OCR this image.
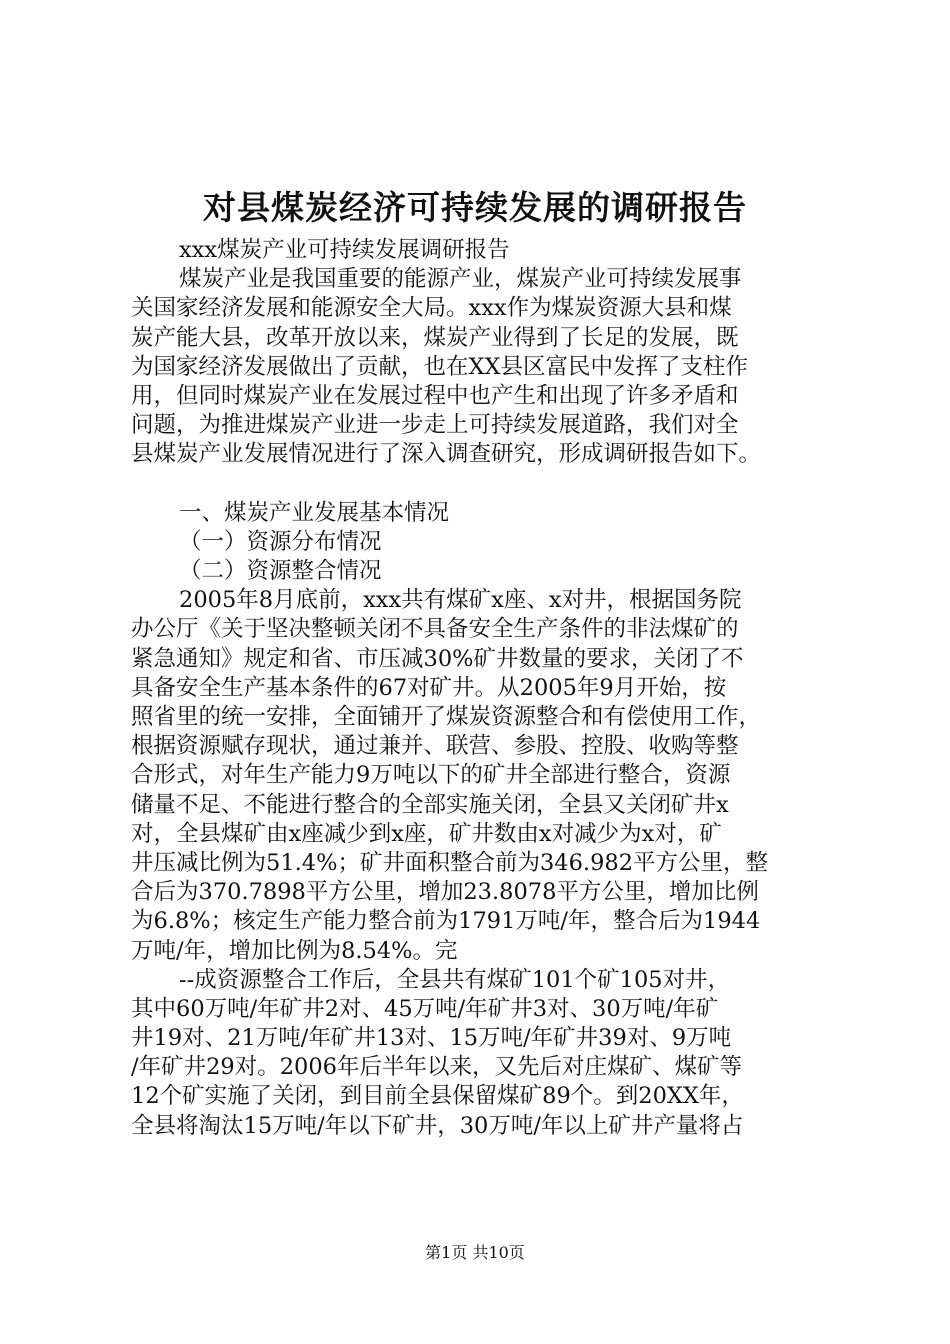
对县煤炭经济可持续发展的调研报告
xxx煤炭产业可持续发展调研报告
煤炭产业是我国重要的能源产业，煤炭产业可持续发展事
关国家经济发展和能源安全大局。xxx作为煤炭资源大县和煤
炭产能大县，改革开放以来，煤炭产业得到了长足的发展，既
为国家经济发展做出了贡献，也在XX县区富民中发挥了支柱作
用，但同时煤炭产业在发展过程中也产生和出现了许多矛盾和
问题，为推进煤炭产业进一步走上可持续发展道路，我们对全
县煤炭产业发展情况进行了深入调查研究，形成调研报告如下。
一、煤炭产业发展基本情况
（一）资源分布情况
（二）资源整合情况
2005年8月底前，xxx共有煤矿x座、x对井，根据国务院
办公厅《关于坚决整顿关闭不具备安全生产条件的非法煤矿的
紧急通知》规定和省、市压减30%矿井数量的要求，关闭了不
具备安全生产基本条件的67对矿井。从2005年9月开始，按
照省里的统一安排，全面铺开了煤炭资源整合和有偿使用工作，
根据资源赋存现状，通过兼并、联营、参股、控股、收购等整
合形式，对年生产能力9万吨以下的矿井全部进行整合，资源
储量不足、不能进行整合的全部实施关闭，全县又关闭矿井x
对，全县煤矿由x座减少到x座，矿井数由x对减少为x对，矿
井压减比例为51.4%；矿井面积整合前为346.982平方公里，整
合后为370.7898平方公里，增加23.8078平方公里，增加比例
为6.8%；核定生产能力整合前为1791万吨/年，整合后为1944
万吨/年，增加比例为8.54%。完
--成资源整合工作后，全县共有煤矿101个矿105对井，
其中60万吨/年矿井2对、45万吨/年矿井3对、30万吨/年矿
井19对、21万吨/年矿井13对、15万吨/年矿井39对、9万吨
/年矿井29对。2006年后半年以来，又先后对庄煤矿、煤矿等
12个矿实施了关闭，到目前全县保留煤矿89个。到20XX年，
全县将淘汰15万吨/年以下矿井，30万吨/年以上矿井产量将占
第1页 共10页
